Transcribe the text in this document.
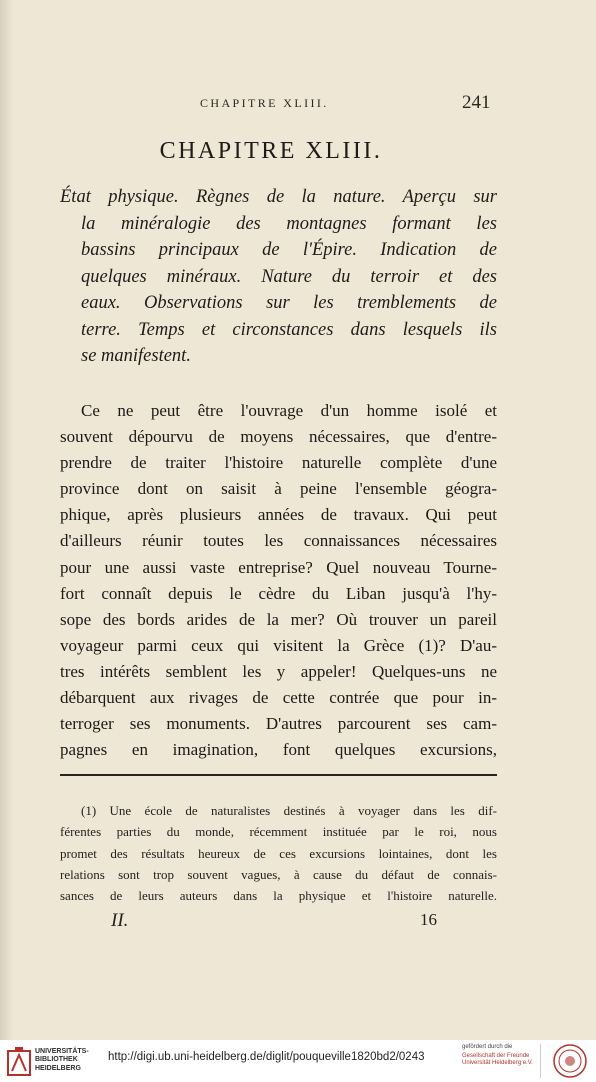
CHAPITRE XLIII.	241
CHAPITRE XLIII.
État physique. Règnes de la nature. Aperçu sur
la minéralogie des montagnes formant les
bassins principaux de l'Épire. Indication de
quelques minéraux. Nature du terroir et des
eaux. Observations sur les tremblements de
terre. Temps et circonstances dans lesquels ils
se manifestent.
Ce ne peut être l'ouvrage d'un homme isolé et
souvent dépourvu de moyens nécessaires, que d'entre-
prendre de traiter l'histoire naturelle complète d'une
province dont on saisit à peine l'ensemble géogra-
phique, après plusieurs années de travaux. Qui peut
d'ailleurs réunir toutes les connaissances nécessaires
pour une aussi vaste entreprise? Quel nouveau Tourne-
fort connaît depuis le cèdre du Liban jusqu'à l'hy-
sope des bords arides de la mer? Où trouver un pareil
voyageur parmi ceux qui visitent la Grèce (1)? D'au-
tres intérêts semblent les y appeler! Quelques-uns ne
débarquent aux rivages de cette contrée que pour in-
terroger ses monuments. D'autres parcourent ses cam-
pagnes en imagination, font quelques excursions,
(1) Une école de naturalistes destinés à voyager dans les dif-
férentes parties du monde, récemment instituée par le roi, nous
promet des résultats heureux de ces excursions lointaines, dont les
relations sont trop souvent vagues, à cause du défaut de connais-
sances de leurs auteurs dans la physique et l'histoire naturelle.
II.	16
UNIVERSITÄTS-
BIBLIOTHEK
HEIDELBERG
http://digi.ub.uni-heidelberg.de/diglit/pouqueville1820bd2/0243
gefördert durch die
Gesellschaft der Freunde
Universität Heidelberg e.V.
